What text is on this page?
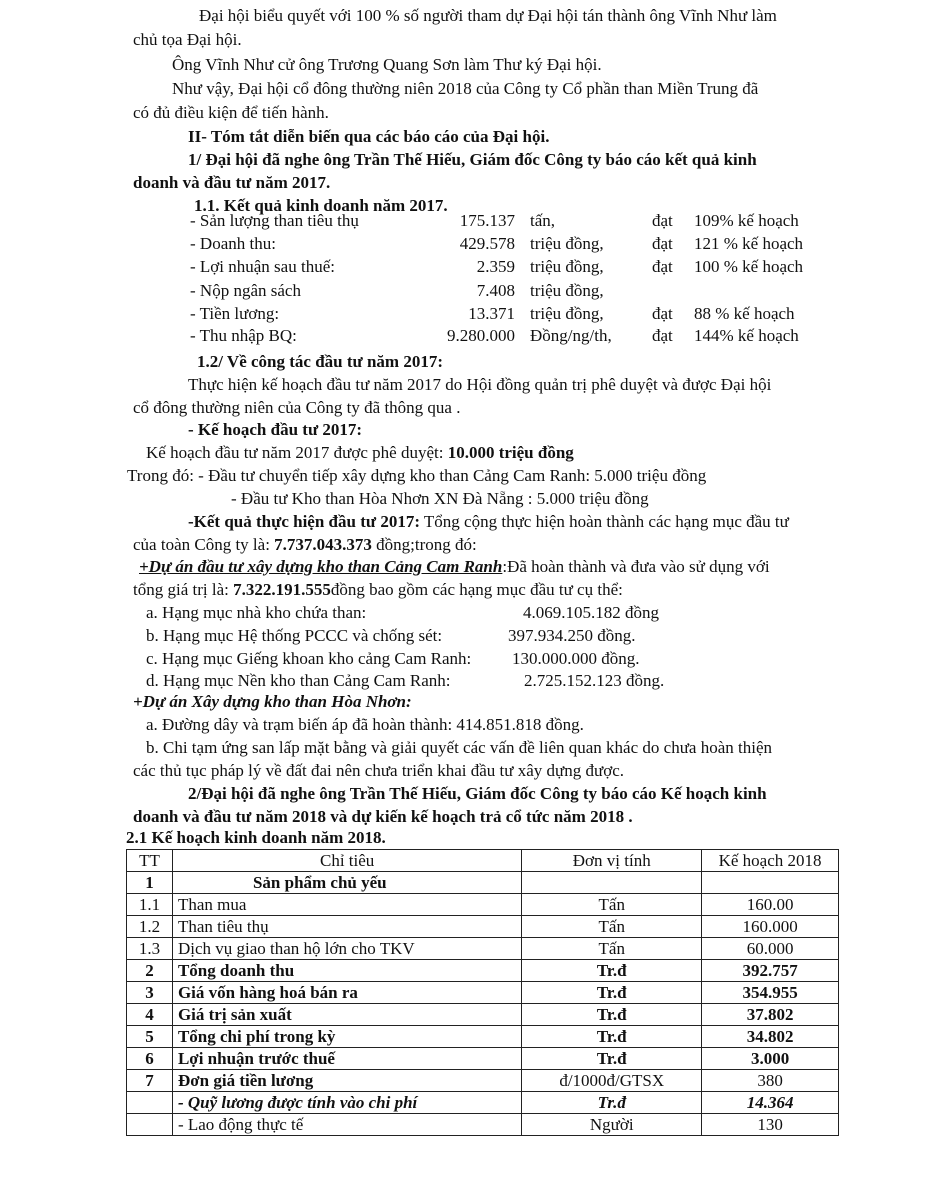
Đại hội biểu quyết với 100 % số người tham dự Đại hội tán thành ông Vĩnh Như làm
chủ tọa Đại hội.
Ông Vĩnh Như cử ông Trương Quang Sơn làm Thư ký Đại hội.
Như vậy, Đại hội cổ đông thường niên 2018 của Công ty Cổ phần than Miền Trung đã
có đủ điều kiện để tiến hành.
II- Tóm tắt diễn biến qua các báo cáo của Đại hội.
1/ Đại hội đã nghe ông Trần Thế Hiếu, Giám đốc Công ty báo cáo kết quả kinh
doanh và đầu tư năm 2017.
1.1. Kết quả kinh doanh năm 2017.
- Sản lượng than tiêu thụ	175.137 tấn,	đạt 109% kế hoạch
- Doanh thu:	429.578 triệu đồng,	đạt 121 % kế hoạch
- Lợi nhuận sau thuế:	2.359 triệu đồng,	đạt 100 % kế hoạch
- Nộp ngân sách	7.408 triệu đồng,
- Tiền lương:	13.371 triệu đồng,	đạt 88 % kế hoạch
- Thu nhập BQ:	9.280.000 Đồng/ng/th, đạt 144% kế hoạch
1.2/ Về công tác đầu tư năm 2017:
Thực hiện kế hoạch đầu tư năm 2017 do Hội đồng quản trị phê duyệt và được Đại hội
cổ đông thường niên của Công ty đã thông qua .
- Kế hoạch đầu tư 2017:
Kế hoạch đầu tư năm 2017 được phê duyệt: 10.000 triệu đồng
Trong đó: - Đầu tư chuyển tiếp xây dựng kho than Cảng Cam Ranh: 5.000 triệu đồng
- Đầu tư Kho than Hòa Nhơn XN Đà Nẵng : 5.000 triệu đồng
-Kết quả thực hiện đầu tư 2017: Tổng cộng thực hiện hoàn thành các hạng mục đầu tư
của toàn Công ty là: 7.737.043.373 đồng;trong đó:
+Dự án đầu tư xây dựng kho than Cảng Cam Ranh:Đã hoàn thành và đưa vào sử dụng với
tổng giá trị là: 7.322.191.555đồng bao gồm các hạng mục đầu tư cụ thể:
a. Hạng mục nhà kho chứa than:	4.069.105.182 đồng
b. Hạng mục Hệ thống PCCC và chống sét:	397.934.250 đồng.
c. Hạng mục Giếng khoan kho cảng Cam Ranh: 130.000.000 đồng.
d. Hạng mục Nền kho than Cảng Cam Ranh:	2.725.152.123 đồng.
+Dự án Xây dựng kho than Hòa Nhơn:
a. Đường dây và trạm biến áp đã hoàn thành: 414.851.818 đồng.
b. Chi tạm ứng san lấp mặt bằng và giải quyết các vấn đề liên quan khác do chưa hoàn thiện
các thủ tục pháp lý về đất đai nên chưa triển khai đầu tư xây dựng được.
2/Đại hội đã nghe ông Trần Thế Hiếu, Giám đốc Công ty báo cáo Kế hoạch kinh
doanh và đầu tư năm 2018 và dự kiến kế hoạch trả cổ tức năm 2018 .
2.1 Kế hoạch kinh doanh năm 2018.
TT	Chỉ tiêu	Đơn vị tính	Kế hoạch 2018
1	Sản phẩm chủ yếu		
1.1	Than mua	Tấn	160.00
1.2	Than tiêu thụ	Tấn	160.000
1.3	Dịch vụ giao than hộ lớn cho TKV	Tấn	60.000
2	Tổng doanh thu	Tr.đ	392.757
3	Giá vốn hàng hoá bán ra	Tr.đ	354.955
4	Giá trị sản xuất	Tr.đ	37.802
5	Tổng chi phí trong kỳ	Tr.đ	34.802
6	Lợi nhuận trước thuế	Tr.đ	3.000
7	Đơn giá tiền lương	đ/1000đ/GTSX	380
	- Quỹ lương được tính vào chi phí	Tr.đ	14.364
	- Lao động thực tế	Người	130
